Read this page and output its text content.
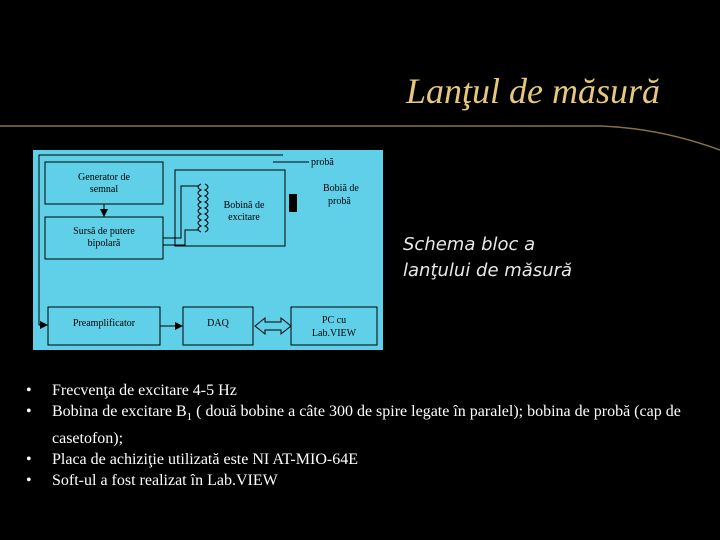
Lanţul de măsură
Generator de
semnal
Sursă de putere
bipolară
Bobină de
excitare
probă
Bobiă de
probă
Preamplificator	DAQ	PC cu
Lab.VIEW
Schema bloc a
lanţului de măsură
• Frecvenţa de excitare 4-5 Hz
• Bobina de excitare $B_1$ ( două bobine a câte 300 de spire legate în paralel); bobina de probă (cap de casetofon);
• Placa de achiziţie utilizată este NI AT-MIO-64E
• Soft-ul a fost realizat în Lab.VIEW
